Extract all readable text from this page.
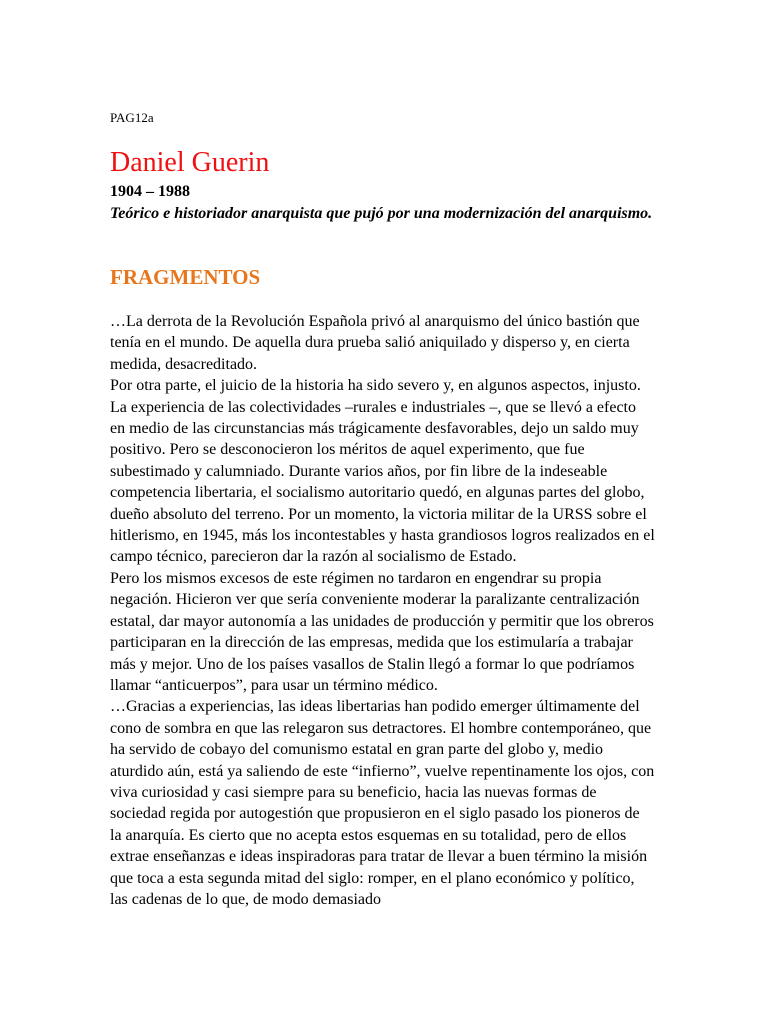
PAG12a

Daniel Guerin

1904 – 1988

Teórico e historiador anarquista que pujó por una modernización del anarquismo.

FRAGMENTOS

…La derrota de la Revolución Española privó al anarquismo del único bastión que tenía en el mundo. De aquella dura prueba salió aniquilado y disperso y, en cierta medida, desacreditado.

Por otra parte, el juicio de la historia ha sido severo y, en algunos aspectos, injusto. La experiencia de las colectividades –rurales e industriales –, que se llevó a efecto en medio de las circunstancias más trágicamente desfavorables, dejo un saldo muy positivo. Pero se desconocieron los méritos de aquel experimento, que fue subestimado y calumniado. Durante varios años, por fin libre de la indeseable competencia libertaria, el socialismo autoritario quedó, en algunas partes del globo, dueño absoluto del terreno. Por un momento, la victoria militar de la URSS sobre el hitlerismo, en 1945, más los incontestables y hasta grandiosos logros realizados en el campo técnico, parecieron dar la razón al socialismo de Estado.

Pero los mismos excesos de este régimen no tardaron en engendrar su propia negación. Hicieron ver que sería conveniente moderar la paralizante centralización estatal, dar mayor autonomía a las unidades de producción y permitir que los obreros participaran en la dirección de las empresas, medida que los estimularía a trabajar más y mejor. Uno de los países vasallos de Stalin llegó a formar lo que podríamos llamar “anticuerpos”, para usar un término médico.

…Gracias a experiencias, las ideas libertarias han podido emerger últimamente del cono de sombra en que las relegaron sus detractores. El hombre contemporáneo, que ha servido de cobayo del comunismo estatal en gran parte del globo y, medio aturdido aún, está ya saliendo de este “infierno”, vuelve repentinamente los ojos, con viva curiosidad y casi siempre para su beneficio, hacia las nuevas formas de sociedad regida por autogestión que propusieron en el siglo pasado los pioneros de la anarquía. Es cierto que no acepta estos esquemas en su totalidad, pero de ellos extrae enseñanzas e ideas inspiradoras para tratar de llevar a buen término la misión que toca a esta segunda mitad del siglo: romper, en el plano económico y político, las cadenas de lo que, de modo demasiado
